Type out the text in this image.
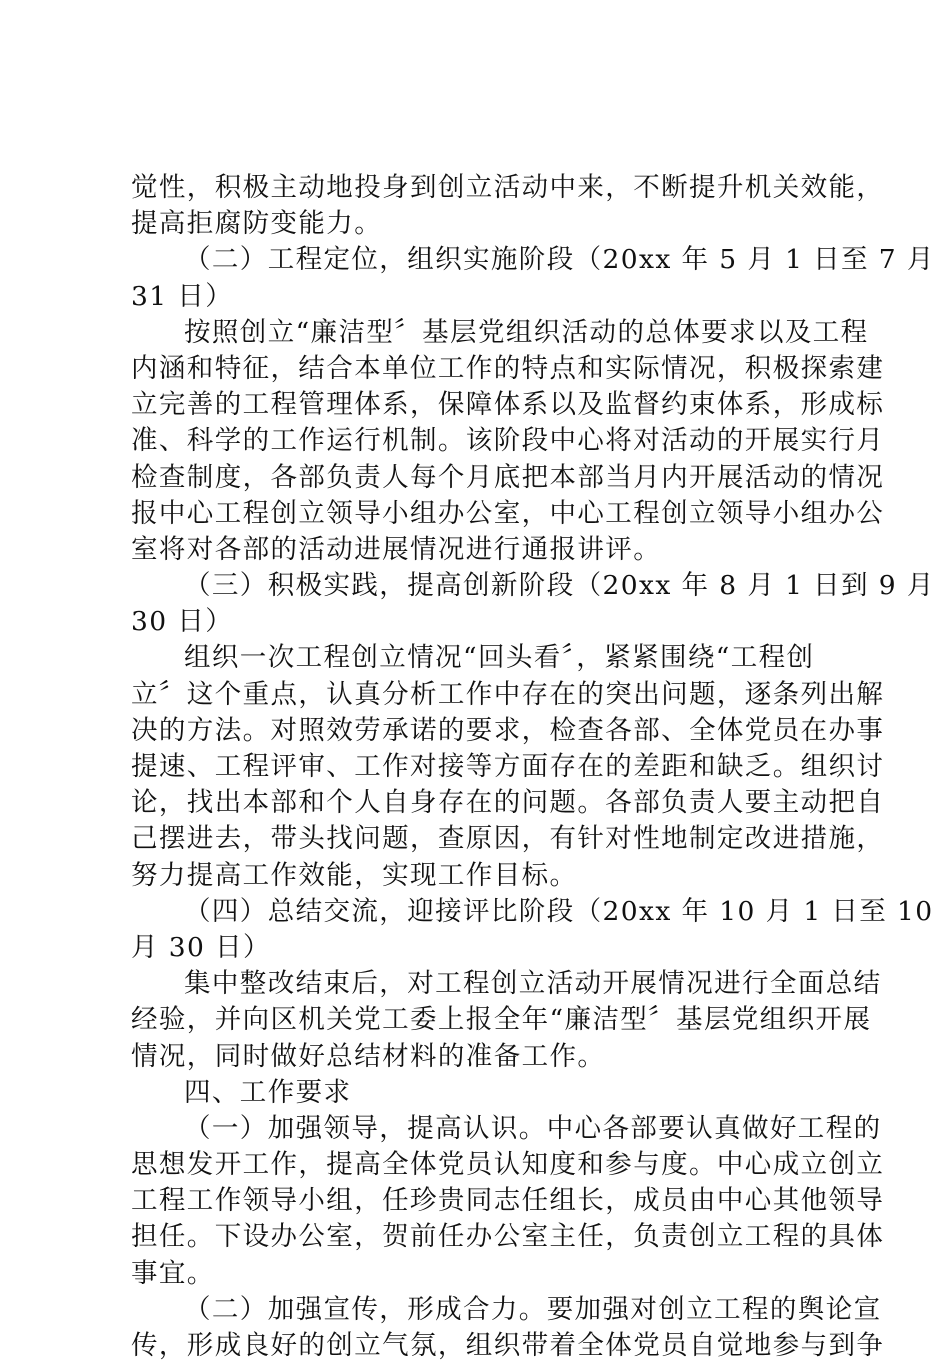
觉性，积极主动地投身到创立活动中来，不断提升机关效能，
提高拒腐防变能力。
（二）工程定位，组织实施阶段（20xx 年 5 月 1 日至 7 月
31 日）
按照创立“廉洁型〞基层党组织活动的总体要求以及工程
内涵和特征，结合本单位工作的特点和实际情况，积极探索建
立完善的工程管理体系，保障体系以及监督约束体系，形成标
准、科学的工作运行机制。该阶段中心将对活动的开展实行月
检查制度，各部负责人每个月底把本部当月内开展活动的情况
报中心工程创立领导小组办公室，中心工程创立领导小组办公
室将对各部的活动进展情况进行通报讲评。
（三）积极实践，提高创新阶段（20xx 年 8 月 1 日到 9 月
30 日）
组织一次工程创立情况“回头看〞，紧紧围绕“工程创
立〞这个重点，认真分析工作中存在的突出问题，逐条列出解
决的方法。对照效劳承诺的要求，检查各部、全体党员在办事
提速、工程评审、工作对接等方面存在的差距和缺乏。组织讨
论，找出本部和个人自身存在的问题。各部负责人要主动把自
己摆进去，带头找问题，查原因，有针对性地制定改进措施，
努力提高工作效能，实现工作目标。
（四）总结交流，迎接评比阶段（20xx 年 10 月 1 日至 10
月 30 日）
集中整改结束后，对工程创立活动开展情况进行全面总结
经验，并向区机关党工委上报全年“廉洁型〞基层党组织开展
情况，同时做好总结材料的准备工作。
四、工作要求
（一）加强领导，提高认识。中心各部要认真做好工程的
思想发开工作，提高全体党员认知度和参与度。中心成立创立
工程工作领导小组，任珍贵同志任组长，成员由中心其他领导
担任。下设办公室，贺前任办公室主任，负责创立工程的具体
事宜。
（二）加强宣传，形成合力。要加强对创立工程的舆论宣
传，形成良好的创立气氛，组织带着全体党员自觉地参与到争
